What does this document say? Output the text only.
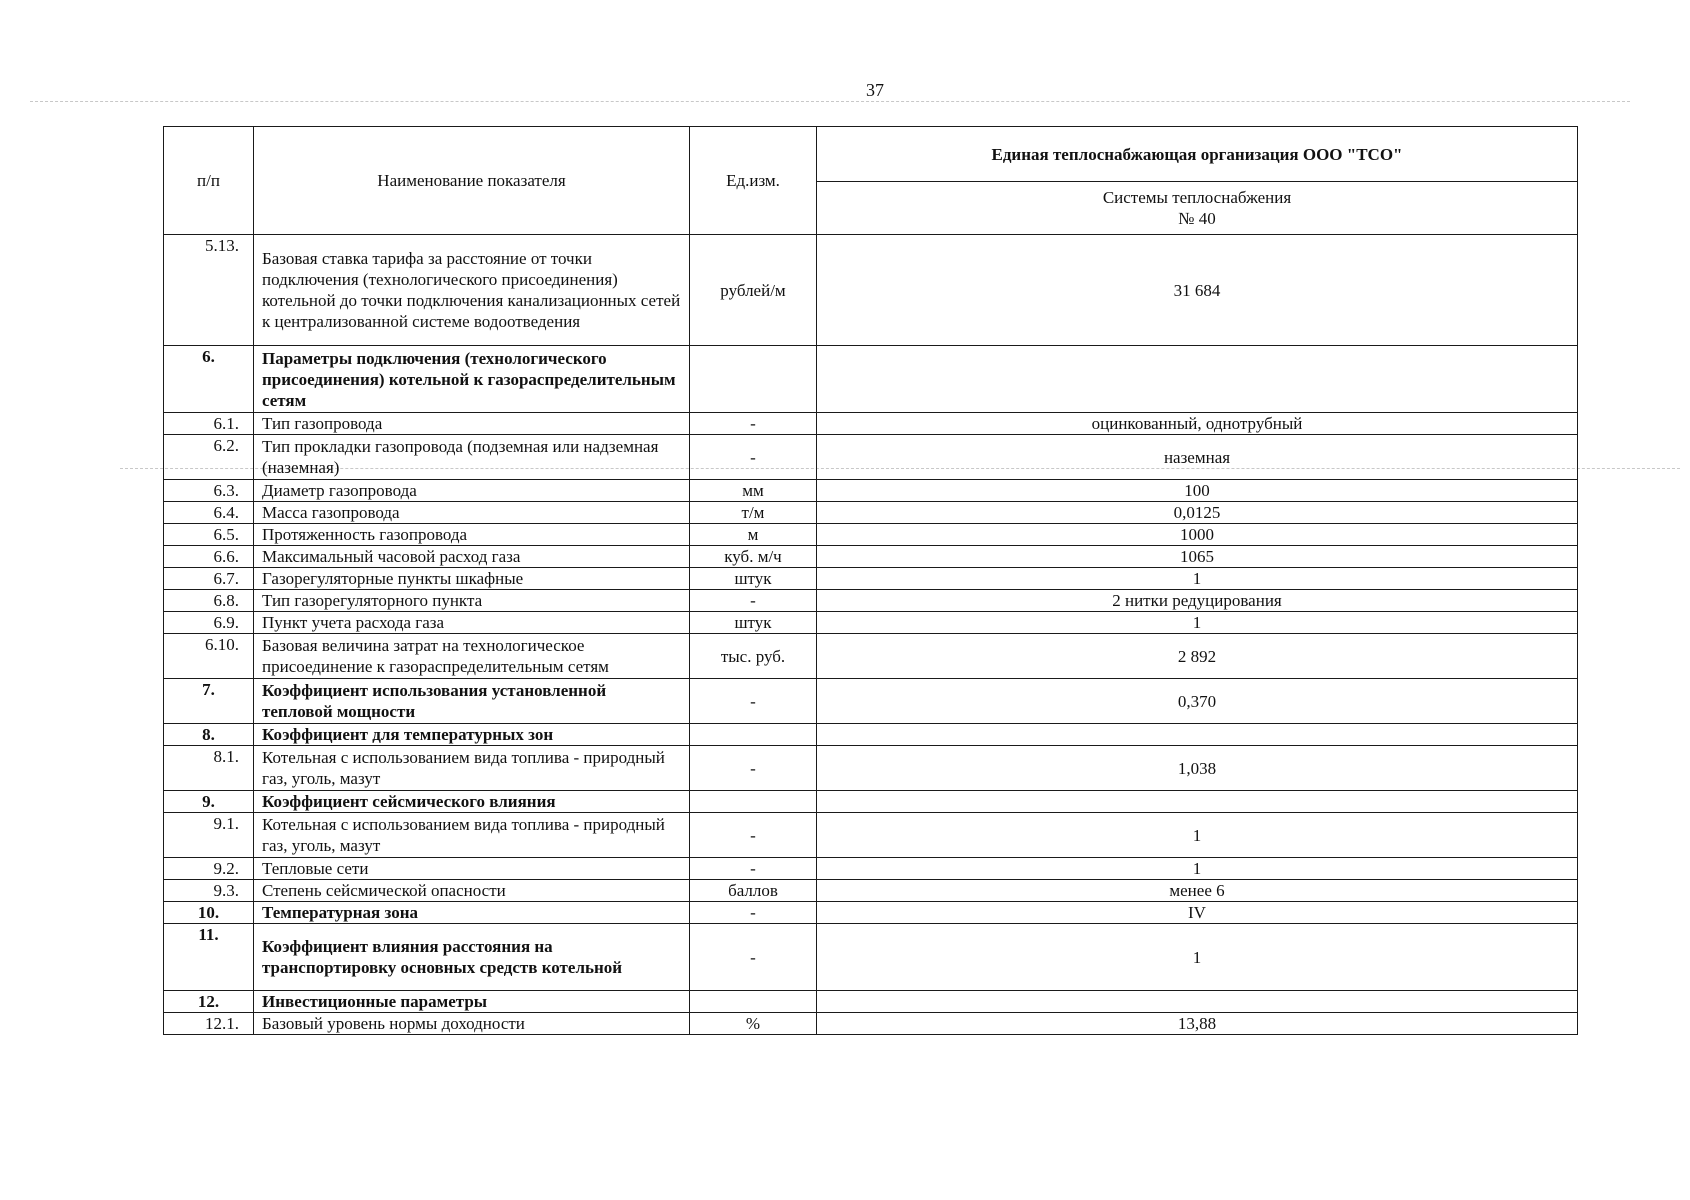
37
п/п	Наименование показателя	Ед.изм.	Единая теплоснабжающая организация ООО "ТСО"
			Системы теплоснабжения
№ 40
5.13.	Базовая ставка тарифа за расстояние от точки подключения (технологического присоединения) котельной до точки подключения канализационных сетей к централизованной системе водоотведения	рублей/м	31 684
6.	Параметры подключения (технологического присоединения) котельной к газораспределительным сетям		
6.1.	Тип газопровода	-	оцинкованный, однотрубный
6.2.	Тип прокладки газопровода (подземная или надземная (наземная)	-	наземная
6.3.	Диаметр газопровода	мм	100
6.4.	Масса газопровода	т/м	0,0125
6.5.	Протяженность газопровода	м	1000
6.6.	Максимальный часовой расход газа	куб. м/ч	1065
6.7.	Газорегуляторные пункты шкафные	штук	1
6.8.	Тип газорегуляторного пункта	-	2 нитки редуцирования
6.9.	Пункт учета расхода газа	штук	1
6.10.	Базовая величина затрат на технологическое присоединение к газораспределительным сетям	тыс. руб.	2 892
7.	Коэффициент использования установленной тепловой мощности	-	0,370
8.	Коэффициент для температурных зон		
8.1.	Котельная с использованием вида топлива - природный газ, уголь, мазут	-	1,038
9.	Коэффициент сейсмического влияния		
9.1.	Котельная с использованием вида топлива - природный газ, уголь, мазут	-	1
9.2.	Тепловые сети	-	1
9.3.	Степень сейсмической опасности	баллов	менее 6
10.	Температурная зона	-	IV
11.	Коэффициент влияния расстояния на транспортировку основных средств котельной	-	1
12.	Инвестиционные параметры		
12.1.	Базовый уровень нормы доходности	%	13,88
